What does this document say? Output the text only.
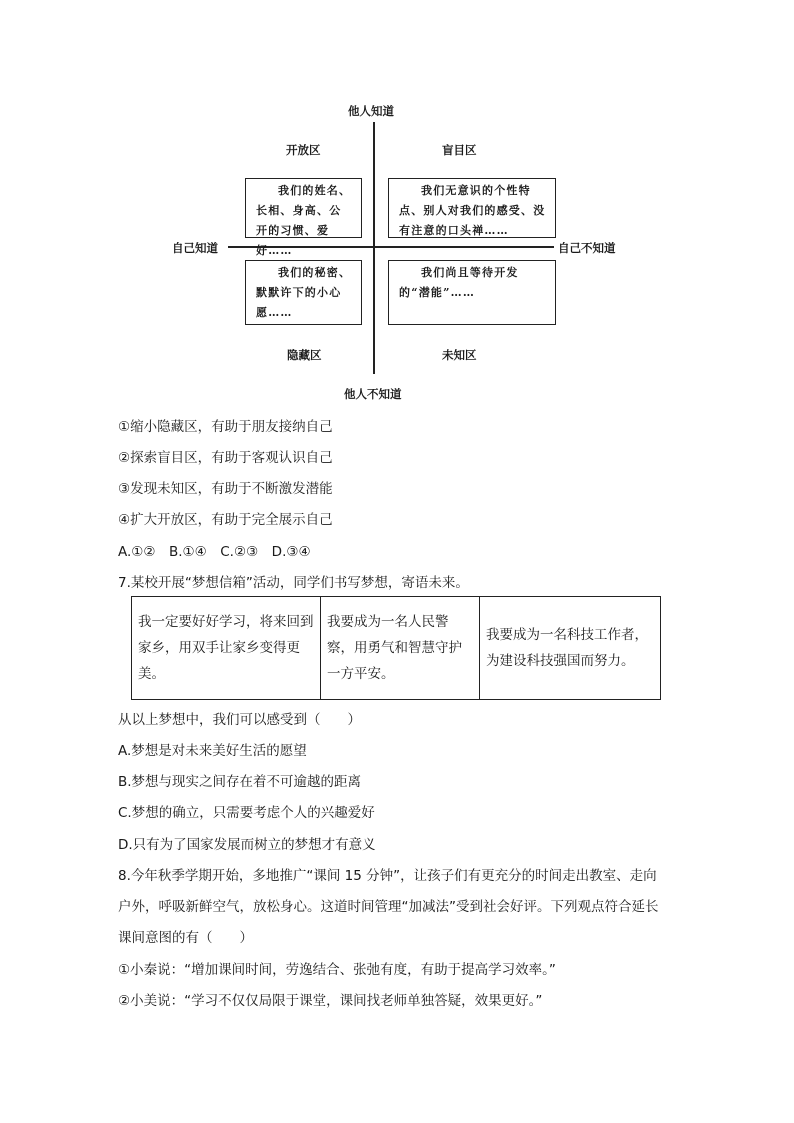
他人知道
他人不知道
自己知道	自己不知道
开放区	盲目区
隐藏区	未知区
我们的姓名、长相、身高、公开的习惯、爱好……
我们无意识的个性特点、别人对我们的感受、没有注意的口头禅……
我们的秘密、默默许下的小心愿……
我们尚且等待开发的“潜能”……
①缩小隐藏区，有助于朋友接纳自己
②探索盲目区，有助于客观认识自己
③发现未知区，有助于不断激发潜能
④扩大开放区，有助于完全展示自己
A.①②　B.①④　C.②③　D.③④
7.某校开展“梦想信箱”活动，同学们书写梦想，寄语未来。
我一定要好好学习，将来回到家乡，用双手让家乡变得更美。	我要成为一名人民警察，用勇气和智慧守护一方平安。	我要成为一名科技工作者，为建设科技强国而努力。
从以上梦想中，我们可以感受到（　　）
A.梦想是对未来美好生活的愿望
B.梦想与现实之间存在着不可逾越的距离
C.梦想的确立，只需要考虑个人的兴趣爱好
D.只有为了国家发展而树立的梦想才有意义
8.今年秋季学期开始，多地推广“课间 15 分钟”，让孩子们有更充分的时间走出教室、走向
户外，呼吸新鲜空气，放松身心。这道时间管理“加减法”受到社会好评。下列观点符合延长
课间意图的有（　　）
①小秦说：“增加课间时间，劳逸结合、张弛有度，有助于提高学习效率。”
②小美说：“学习不仅仅局限于课堂，课间找老师单独答疑，效果更好。”
